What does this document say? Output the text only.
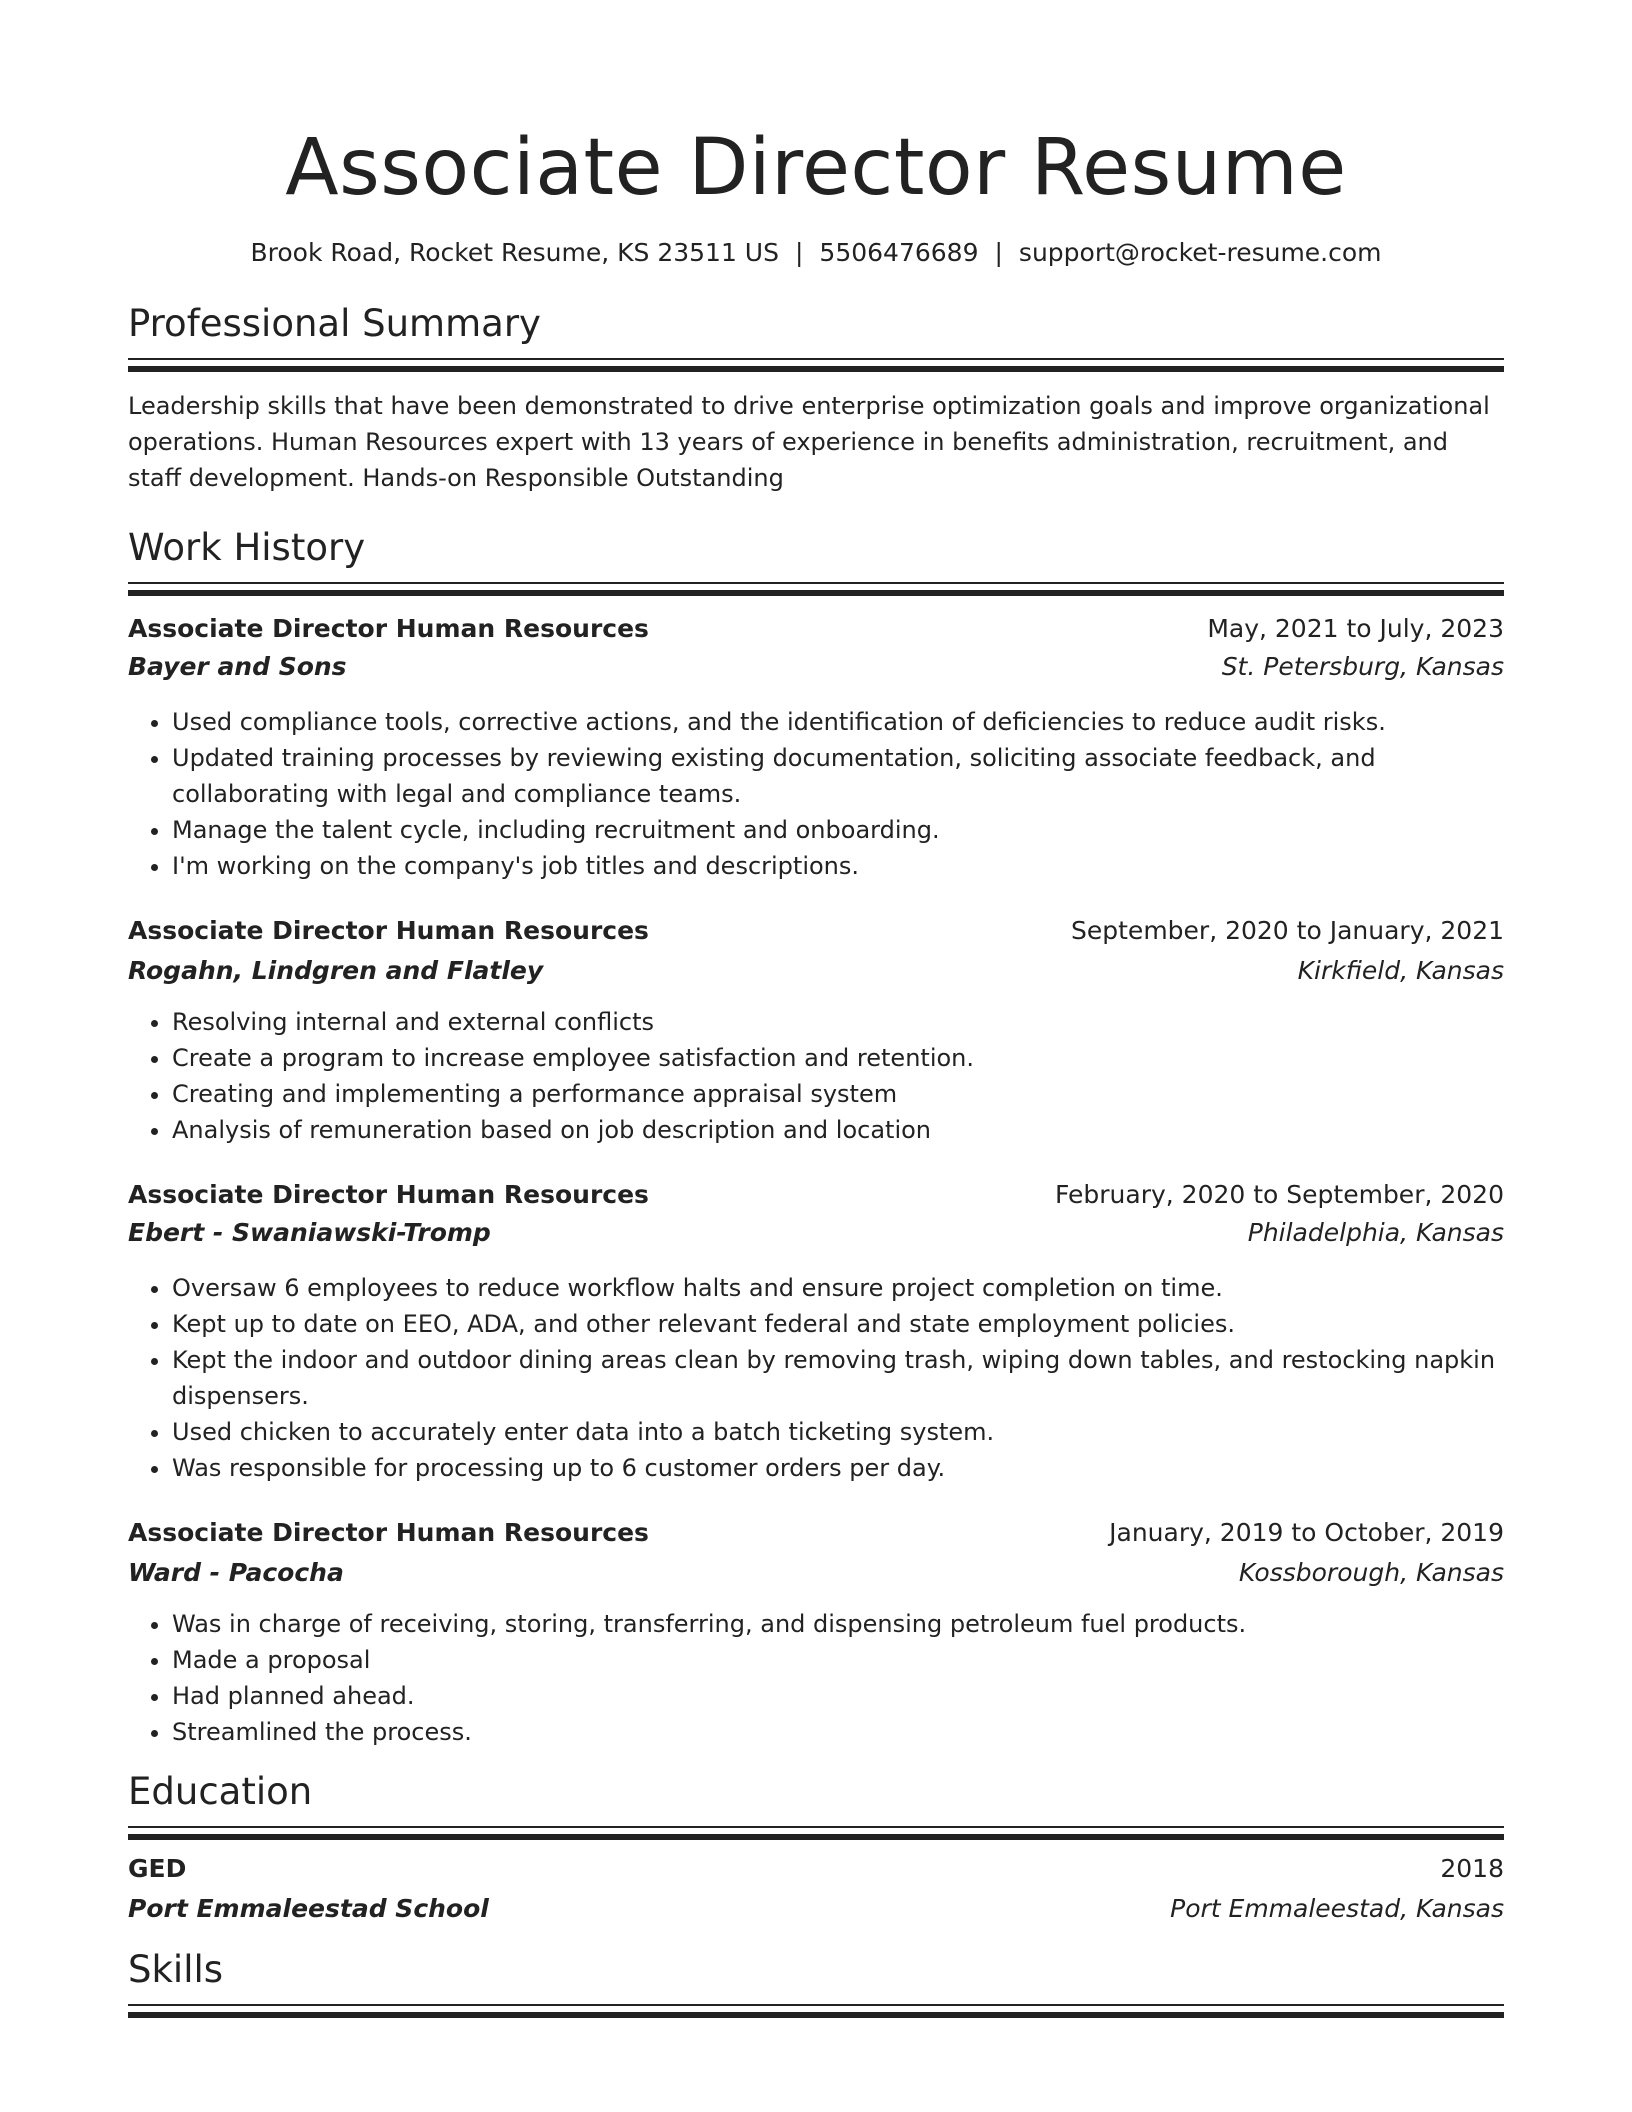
Associate Director Resume
Brook Road, Rocket Resume, KS 23511 US | 5506476689 | support@rocket-resume.com
Professional Summary
Leadership skills that have been demonstrated to drive enterprise optimization goals and improve organizational operations. Human Resources expert with 13 years of experience in benefits administration, recruitment, and staff development. Hands-on Responsible Outstanding
Work History
Associate Director Human Resources	May, 2021 to July, 2023
Bayer and Sons	St. Petersburg, Kansas
• Used compliance tools, corrective actions, and the identification of deficiencies to reduce audit risks.
• Updated training processes by reviewing existing documentation, soliciting associate feedback, and collaborating with legal and compliance teams.
• Manage the talent cycle, including recruitment and onboarding.
• I'm working on the company's job titles and descriptions.
Associate Director Human Resources	September, 2020 to January, 2021
Rogahn, Lindgren and Flatley	Kirkfield, Kansas
• Resolving internal and external conflicts
• Create a program to increase employee satisfaction and retention.
• Creating and implementing a performance appraisal system
• Analysis of remuneration based on job description and location
Associate Director Human Resources	February, 2020 to September, 2020
Ebert - Swaniawski-Tromp	Philadelphia, Kansas
• Oversaw 6 employees to reduce workflow halts and ensure project completion on time.
• Kept up to date on EEO, ADA, and other relevant federal and state employment policies.
• Kept the indoor and outdoor dining areas clean by removing trash, wiping down tables, and restocking napkin dispensers.
• Used chicken to accurately enter data into a batch ticketing system.
• Was responsible for processing up to 6 customer orders per day.
Associate Director Human Resources	January, 2019 to October, 2019
Ward - Pacocha	Kossborough, Kansas
• Was in charge of receiving, storing, transferring, and dispensing petroleum fuel products.
• Made a proposal
• Had planned ahead.
• Streamlined the process.
Education
GED	2018
Port Emmaleestad School	Port Emmaleestad, Kansas
Skills
